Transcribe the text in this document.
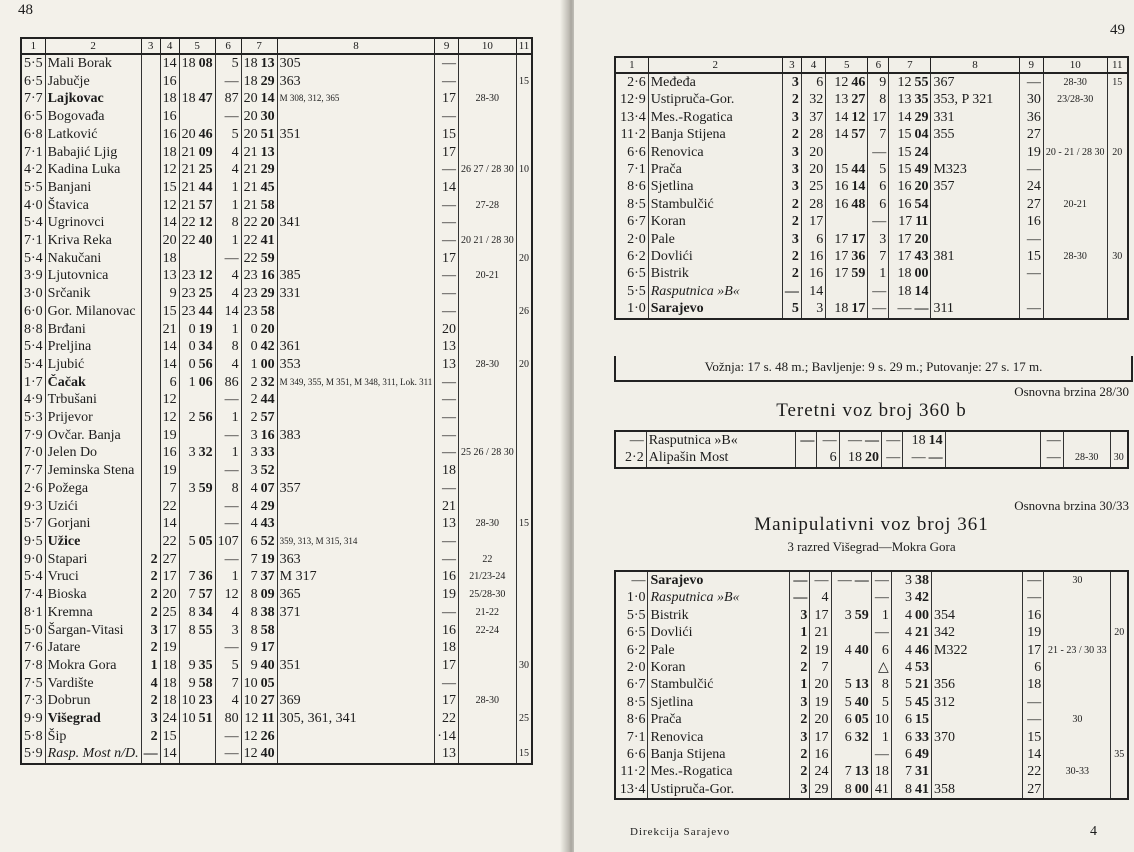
48
1	2	3	4	5	6	7	8	9	10	11
5·5	Mali Borak		14	18 08	5	18 13	305	—		
6·5	Jabučje		16		—	18 29	363	—		15
7·7	Lajkovac		18	18 47	87	20 14	M 308, 312, 365	17	28-30	
6·5	Bogovađa		16		—	20 30		—		
6·8	Latković		16	20 46	5	20 51	351	15		
7·1	Babajić Ljig		18	21 09	4	21 13		17		
4·2	Kadina Luka		12	21 25	4	21 29		—	26 27 / 28 30	10
5·5	Banjani		15	21 44	1	21 45		14		
4·0	Štavica		12	21 57	1	21 58		—	27-28	
5·4	Ugrinovci		14	22 12	8	22 20	341	—		
7·1	Kriva Reka		20	22 40	1	22 41		—	20 21 / 28 30	
5·4	Nakučani		18		—	22 59		17		20
3·9	Ljutovnica		13	23 12	4	23 16	385	—	20-21	
3·0	Srčanik		9	23 25	4	23 29	331	—		
6·0	Gor. Milanovac		15	23 44	14	23 58		—		26
8·8	Brđani		21	0 19	1	0 20		20		
5·4	Preljina		14	0 34	8	0 42	361	13		
5·4	Ljubić		14	0 56	4	1 00	353	13	28-30	20
1·7	Čačak		6	1 06	86	2 32	M 349, 355, M 351, M 348, 311, Lok. 311	—		
4·9	Trbušani		12		—	2 44		—		
5·3	Prijevor		12	2 56	1	2 57		—		
7·9	Ovčar. Banja		19		—	3 16	383	—		
7·0	Jelen Do		16	3 32	1	3 33		—	25 26 / 28 30	
7·7	Jeminska Stena		19		—	3 52		18		
2·6	Požega		7	3 59	8	4 07	357	—		
9·3	Uzići		22		—	4 29		21		
5·7	Gorjani		14		—	4 43		13	28-30	15
9·5	Užice		22	5 05	107	6 52	359, 313, M 315, 314	—		
9·0	Stapari	2	27		—	7 19	363	—	22	
5·4	Vruci	2	17	7 36	1	7 37	M 317	16	21/23-24	
7·4	Bioska	2	20	7 57	12	8 09	365	19	25/28-30	
8·1	Kremna	2	25	8 34	4	8 38	371	—	21-22	
5·0	Šargan-Vitasi	3	17	8 55	3	8 58		16	22-24	
7·6	Jatare	2	19		—	9 17		18		
7·8	Mokra Gora	1	18	9 35	5	9 40	351	17		30
7·5	Vardište	4	18	9 58	7	10 05		—		
7·3	Dobrun	2	18	10 23	4	10 27	369	17	28-30	
9·9	Višegrad	3	24	10 51	80	12 11	305, 361, 341	22		25
5·8	Šip	2	15		—	12 26		·14		
5·9	Rasp. Most n/D.	—	14		—	12 40		13		15
49
1	2	3	4	5	6	7	8	9	10	11
2·6	Međeđa	3	6	12 46	9	12 55	367	—	28-30	15
12·9	Ustipruča-Gor.	2	32	13 27	8	13 35	353, P 321	30	23/28-30	
13·4	Mes.-Rogatica	3	37	14 12	17	14 29	331	36		
11·2	Banja Stijena	2	28	14 57	7	15 04	355	27		
6·6	Renovica	3	20		—	15 24		19	20 - 21 / 28 30	20
7·1	Prača	3	20	15 44	5	15 49	M323	—		
8·6	Sjetlina	3	25	16 14	6	16 20	357	24		
8·5	Stambulčić	2	28	16 48	6	16 54		27	20-21	
6·7	Koran	2	17		—	17 11		16		
2·0	Pale	3	6	17 17	3	17 20		—		
6·2	Dovlići	2	16	17 36	7	17 43	381	15	28-30	30
6·5	Bistrik	2	16	17 59	1	18 00		—		
5·5	Rasputnica »B«	—	14		—	18 14				
1·0	Sarajevo	5	3	18 17	—	— —	311	—		
Vožnja: 17 s. 48 m.; Bavljenje: 9 s. 29 m.; Putovanje: 27 s. 17 m.
Osnovna brzina 28/30
Teretni voz broj 360 b
—	Rasputnica »B«	—	—	— —	—	18 14		—		
2·2	Alipašin Most		6	18 20	—	— —		—	28-30	30
Osnovna brzina 30/33
Manipulativni voz broj 361
3 razred Višegrad—Mokra Gora
—	Sarajevo	—	—	— —	—	3 38		—	30	
1·0	Rasputnica »B«	—	4		—	3 42		—		
5·5	Bistrik	3	17	3 59	1	4 00	354	16		
6·5	Dovlići	1	21		—	4 21	342	19		20
6·2	Pale	2	19	4 40	6	4 46	M322	17	21 - 23 / 30 33	
2·0	Koran	2	7		△	4 53		6		
6·7	Stambulčić	1	20	5 13	8	5 21	356	18		
8·5	Sjetlina	3	19	5 40	5	5 45	312	—		
8·6	Prača	2	20	6 05	10	6 15		—	30	
7·1	Renovica	3	17	6 32	1	6 33	370	15		
6·6	Banja Stijena	2	16		—	6 49		14		35
11·2	Mes.-Rogatica	2	24	7 13	18	7 31		22	30-33	
13·4	Ustipruča-Gor.	3	29	8 00	41	8 41	358	27		
Direkcija Sarajevo	4
